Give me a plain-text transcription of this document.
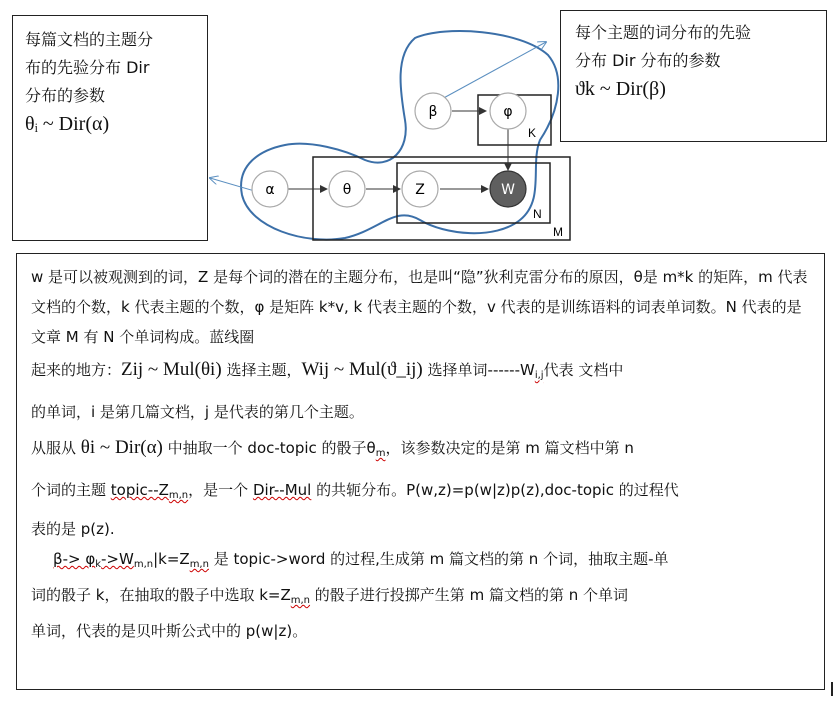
每篇文档的主题分
布的先验分布 Dir
分布的参数
θᵢ ~ Dir(α)
每个主题的词分布的先验
分布 Dir 分布的参数
ϑk ~ Dir(β)
K
M
N
α	θ	Z	W
β	φ

w 是可以被观测到的词，Z 是每个词的潜在的主题分布，也是叫“隐”狄利克雷分布的原因，θ是 m*k 的矩阵，m 代表文档的个数，k 代表主题的个数，φ 是矩阵 k*v, k 代表主题的个数，v 代表的是训练语料的词表单词数。N 代表的是文章 M 有 N 个单词构成。蓝线圈

起来的地方：Zij ~ Mul(θi) 选择主题，Wij ~ Mul(ϑ_ij) 选择单词$------W_{i,j}$代表 文档中

的单词，i 是第几篇文档，j 是代表的第几个主题。

从服从 θi ~ Dir(α) 中抽取一个 doc-topic 的骰子$\theta_m$，该参数决定的是第 m 篇文档中第 n

个词的主题 topic-$-Z_{m,n}$，是一个 Dir--Mul 的共轭分布。P(w,z)=p(w|z)p(z),doc-topic 的过程代

表的是 p(z).

$\beta-> \varphi_k->W_{m,n}|k=Z_{m,n}$ 是 topic->word 的过程,生成第 m 篇文档的第 n 个词，抽取主题-单

词的骰子 k，在抽取的骰子中选取 $k=Z_{m,n}$ 的骰子进行投掷产生第 m 篇文档的第 n 个单词

单词，代表的是贝叶斯公式中的 p(w|z)。
